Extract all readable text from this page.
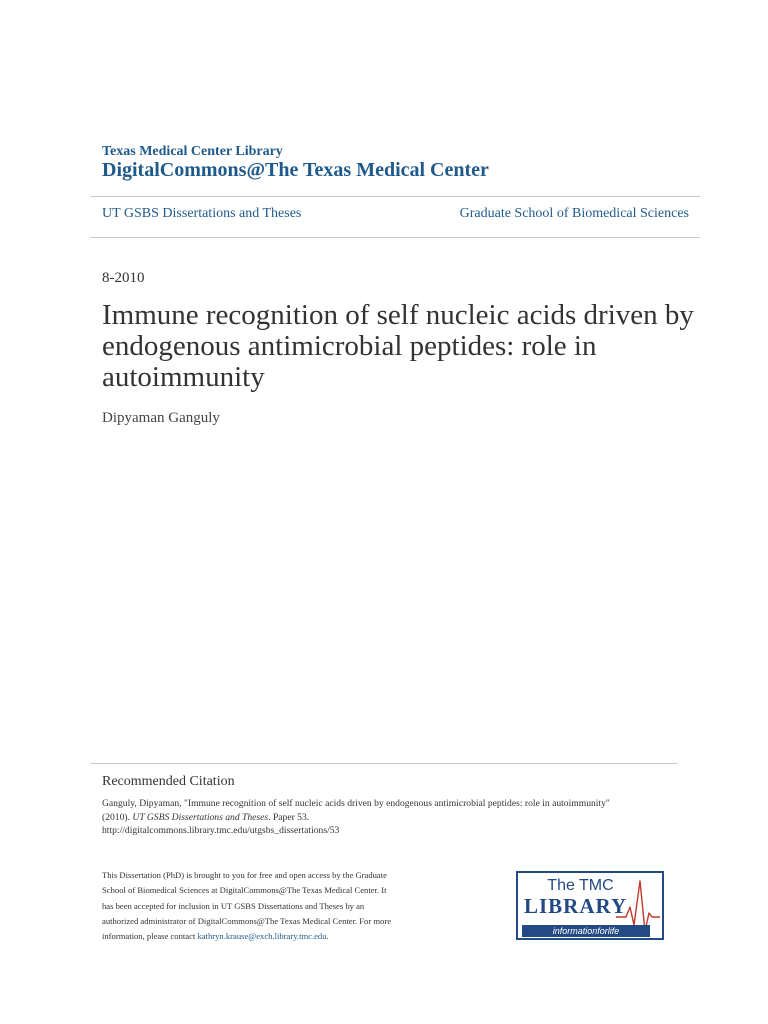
Texas Medical Center Library
DigitalCommons@The Texas Medical Center
UT GSBS Dissertations and Theses	Graduate School of Biomedical Sciences
8-2010
Immune recognition of self nucleic acids driven by endogenous antimicrobial peptides: role in autoimmunity
Dipyaman Ganguly
Recommended Citation
Ganguly, Dipyaman, "Immune recognition of self nucleic acids driven by endogenous antimicrobial peptides: role in autoimmunity"
(2010). UT GSBS Dissertations and Theses. Paper 53.
http://digitalcommons.library.tmc.edu/utgsbs_dissertations/53
This Dissertation (PhD) is brought to you for free and open access by the Graduate School of Biomedical Sciences at DigitalCommons@The Texas Medical Center. It has been accepted for inclusion in UT GSBS Dissertations and Theses by an authorized administrator of DigitalCommons@The Texas Medical Center. For more information, please contact kathryn.krause@exch.library.tmc.edu.
The TMC
LIBRARY
informationforlife
